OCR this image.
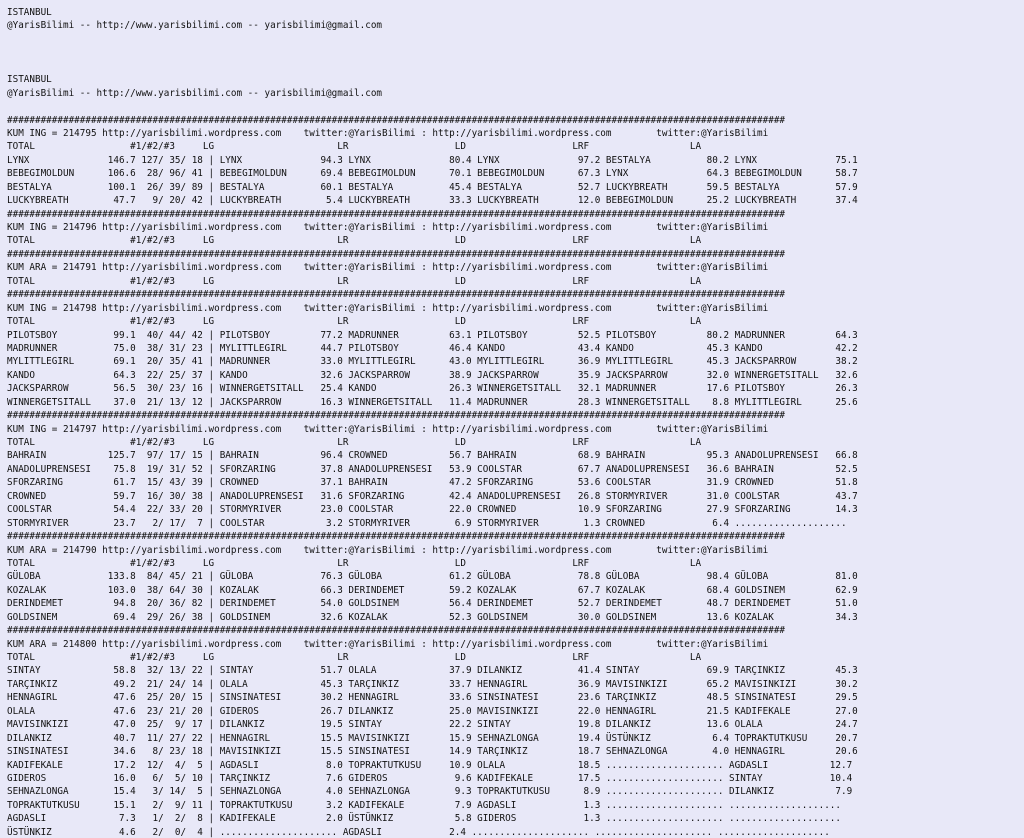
ISTANBUL
@YarisBilimi -- http://www.yarisbilimi.com -- yarisbilimi@gmail.com
ISTANBUL
@YarisBilimi -- http://www.yarisbilimi.com -- yarisbilimi@gmail.com
###########################################################################################################################################
KUM ING = 214795 http://yarisbilimi.wordpress.com    twitter:@YarisBilimi : http://yarisbilimi.wordpress.com        twitter:@YarisBilimi
TOTAL                 #1/#2/#3     LG                      LR                   LD                   LRF                  LA
LYNX              146.7 127/ 35/ 18 | LYNX              94.3 LYNX              80.4 LYNX              97.2 BESTALYA          80.2 LYNX              75.1
BEBEGIMOLDUN      106.6  28/ 96/ 41 | BEBEGIMOLDUN      69.4 BEBEGIMOLDUN      70.1 BEBEGIMOLDUN      67.3 LYNX              64.3 BEBEGIMOLDUN      58.7
BESTALYA          100.1  26/ 39/ 89 | BESTALYA          60.1 BESTALYA          45.4 BESTALYA          52.7 LUCKYBREATH       59.5 BESTALYA          57.9
LUCKYBREATH        47.7   9/ 20/ 42 | LUCKYBREATH        5.4 LUCKYBREATH       33.3 LUCKYBREATH       12.0 BEBEGIMOLDUN      25.2 LUCKYBREATH       37.4
###########################################################################################################################################
KUM ING = 214796 http://yarisbilimi.wordpress.com    twitter:@YarisBilimi : http://yarisbilimi.wordpress.com        twitter:@YarisBilimi
TOTAL                 #1/#2/#3     LG                      LR                   LD                   LRF                  LA
###########################################################################################################################################
KUM ARA = 214791 http://yarisbilimi.wordpress.com    twitter:@YarisBilimi : http://yarisbilimi.wordpress.com        twitter:@YarisBilimi
TOTAL                 #1/#2/#3     LG                      LR                   LD                   LRF                  LA
###########################################################################################################################################
KUM ING = 214798 http://yarisbilimi.wordpress.com    twitter:@YarisBilimi : http://yarisbilimi.wordpress.com        twitter:@YarisBilimi
TOTAL                 #1/#2/#3     LG                      LR                   LD                   LRF                  LA
PILOTSBOY          99.1  40/ 44/ 42 | PILOTSBOY         77.2 MADRUNNER         63.1 PILOTSBOY         52.5 PILOTSBOY         80.2 MADRUNNER         64.3
MADRUNNER          75.0  38/ 31/ 23 | MYLITTLEGIRL      44.7 PILOTSBOY         46.4 KANDO             43.4 KANDO             45.3 KANDO             42.2
MYLITTLEGIRL       69.1  20/ 35/ 41 | MADRUNNER         33.0 MYLITTLEGIRL      43.0 MYLITTLEGIRL      36.9 MYLITTLEGIRL      45.3 JACKSPARROW       38.2
KANDO              64.3  22/ 25/ 37 | KANDO             32.6 JACKSPARROW       38.9 JACKSPARROW       35.9 JACKSPARROW       32.0 WINNERGETSITALL   32.6
JACKSPARROW        56.5  30/ 23/ 16 | WINNERGETSITALL   25.4 KANDO             26.3 WINNERGETSITALL   32.1 MADRUNNER         17.6 PILOTSBOY         26.3
WINNERGETSITALL    37.0  21/ 13/ 12 | JACKSPARROW       16.3 WINNERGETSITALL   11.4 MADRUNNER         28.3 WINNERGETSITALL    8.8 MYLITTLEGIRL      25.6
###########################################################################################################################################
KUM ING = 214797 http://yarisbilimi.wordpress.com    twitter:@YarisBilimi : http://yarisbilimi.wordpress.com        twitter:@YarisBilimi
TOTAL                 #1/#2/#3     LG                      LR                   LD                   LRF                  LA
BAHRAIN           125.7  97/ 17/ 15 | BAHRAIN           96.4 CROWNED           56.7 BAHRAIN           68.9 BAHRAIN           95.3 ANADOLUPRENSESI   66.8
ANADOLUPRENSESI    75.8  19/ 31/ 52 | SFORZARING        37.8 ANADOLUPRENSESI   53.9 COOLSTAR          67.7 ANADOLUPRENSESI   36.6 BAHRAIN           52.5
SFORZARING         61.7  15/ 43/ 39 | CROWNED           37.1 BAHRAIN           47.2 SFORZARING        53.6 COOLSTAR          31.9 CROWNED           51.8
CROWNED            59.7  16/ 30/ 38 | ANADOLUPRENSESI   31.6 SFORZARING        42.4 ANADOLUPRENSESI   26.8 STORMYRIVER       31.0 COOLSTAR          43.7
COOLSTAR           54.4  22/ 33/ 20 | STORMYRIVER       23.0 COOLSTAR          22.0 CROWNED           10.9 SFORZARING        27.9 SFORZARING        14.3
STORMYRIVER        23.7   2/ 17/  7 | COOLSTAR           3.2 STORMYRIVER        6.9 STORMYRIVER        1.3 CROWNED            6.4 ....................
###########################################################################################################################################
KUM ARA = 214790 http://yarisbilimi.wordpress.com    twitter:@YarisBilimi : http://yarisbilimi.wordpress.com        twitter:@YarisBilimi
TOTAL                 #1/#2/#3     LG                      LR                   LD                   LRF                  LA
GÜLOBA            133.8  84/ 45/ 21 | GÜLOBA            76.3 GÜLOBA            61.2 GÜLOBA            78.8 GÜLOBA            98.4 GÜLOBA            81.0
KOZALAK           103.0  38/ 64/ 30 | KOZALAK           66.3 DERINDEMET        59.2 KOZALAK           67.7 KOZALAK           68.4 GOLDSINEM         62.9
DERINDEMET         94.8  20/ 36/ 82 | DERINDEMET        54.0 GOLDSINEM         56.4 DERINDEMET        52.7 DERINDEMET        48.7 DERINDEMET        51.0
GOLDSINEM          69.4  29/ 26/ 38 | GOLDSINEM         32.6 KOZALAK           52.3 GOLDSINEM         30.0 GOLDSINEM         13.6 KOZALAK           34.3
###########################################################################################################################################
KUM ARA = 214800 http://yarisbilimi.wordpress.com    twitter:@YarisBilimi : http://yarisbilimi.wordpress.com        twitter:@YarisBilimi
TOTAL                 #1/#2/#3     LG                      LR                   LD                   LRF                  LA
SINTAY             58.8  32/ 13/ 22 | SINTAY            51.7 OLALA             37.9 DILANKIZ          41.4 SINTAY            69.9 TARÇINKIZ         45.3
TARÇINKIZ          49.2  21/ 24/ 14 | OLALA             45.3 TARÇINKIZ         33.7 HENNAGIRL         36.9 MAVISINKIZI       65.2 MAVISINKIZI       30.2
HENNAGIRL          47.6  25/ 20/ 15 | SINSINATESI       30.2 HENNAGIRL         33.6 SINSINATESI       23.6 TARÇINKIZ         48.5 SINSINATESI       29.5
OLALA              47.6  23/ 21/ 20 | GIDEROS           26.7 DILANKIZ          25.0 MAVISINKIZI       22.0 HENNAGIRL         21.5 KADIFEKALE        27.0
MAVISINKIZI        47.0  25/  9/ 17 | DILANKIZ          19.5 SINTAY            22.2 SINTAY            19.8 DILANKIZ          13.6 OLALA             24.7
DILANKIZ           40.7  11/ 27/ 22 | HENNAGIRL         15.5 MAVISINKIZI       15.9 SEHNAZLONGA       19.4 ÜSTÜNKIZ           6.4 TOPRAKTUTKUSU     20.7
SINSINATESI        34.6   8/ 23/ 18 | MAVISINKIZI       15.5 SINSINATESI       14.9 TARÇINKIZ         18.7 SEHNAZLONGA        4.0 HENNAGIRL         20.6
KADIFEKALE         17.2  12/  4/  5 | AGDASLI            8.0 TOPRAKTUTKUSU     10.9 OLALA             18.5 ..................... AGDASLI           12.7
GIDEROS            16.0   6/  5/ 10 | TARÇINKIZ          7.6 GIDEROS            9.6 KADIFEKALE        17.5 ..................... SINTAY            10.4
SEHNAZLONGA        15.4   3/ 14/  5 | SEHNAZLONGA        4.0 SEHNAZLONGA        9.3 TOPRAKTUTKUSU      8.9 ..................... DILANKIZ           7.9
TOPRAKTUTKUSU      15.1   2/  9/ 11 | TOPRAKTUTKUSU      3.2 KADIFEKALE         7.9 AGDASLI            1.3 ..................... ....................
AGDASLI             7.3   1/  2/  8 | KADIFEKALE         2.0 ÜSTÜNKIZ           5.8 GIDEROS            1.3 ..................... ....................
ÜSTÜNKIZ            4.6   2/  0/  4 | ..................... AGDASLI            2.4 ..................... ..................... ....................
